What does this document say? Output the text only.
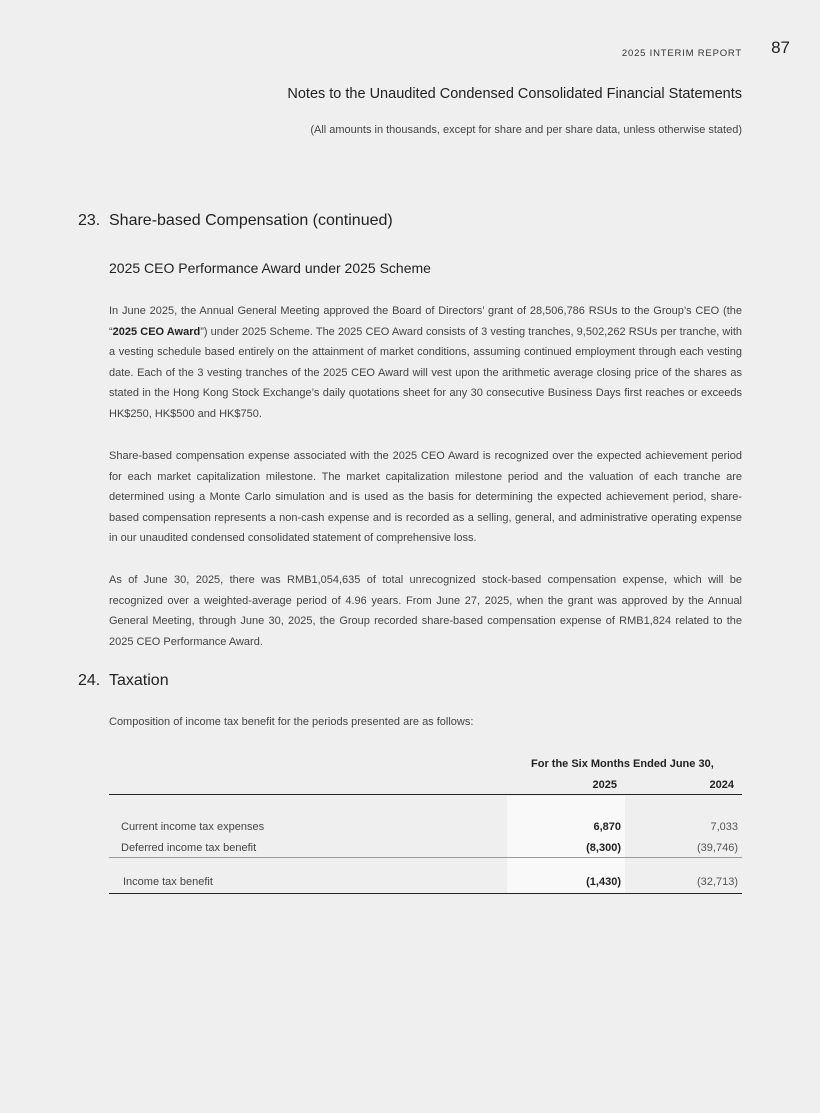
2025 INTERIM REPORT 87
Notes to the Unaudited Condensed Consolidated Financial Statements
(All amounts in thousands, except for share and per share data, unless otherwise stated)
23. Share-based Compensation (continued)
2025 CEO Performance Award under 2025 Scheme

In June 2025, the Annual General Meeting approved the Board of Directors’ grant of 28,506,786 RSUs to the Group’s CEO (the “2025 CEO Award”) under 2025 Scheme. The 2025 CEO Award consists of 3 vesting tranches, 9,502,262 RSUs per tranche, with a vesting schedule based entirely on the attainment of market conditions, assuming continued employment through each vesting date. Each of the 3 vesting tranches of the 2025 CEO Award will vest upon the arithmetic average closing price of the shares as stated in the Hong Kong Stock Exchange’s daily quotations sheet for any 30 consecutive Business Days first reaches or exceeds HK$250, HK$500 and HK$750.

Share-based compensation expense associated with the 2025 CEO Award is recognized over the expected achievement period for each market capitalization milestone. The market capitalization milestone period and the valuation of each tranche are determined using a Monte Carlo simulation and is used as the basis for determining the expected achievement period, share-based compensation represents a non-cash expense and is recorded as a selling, general, and administrative operating expense in our unaudited condensed consolidated statement of comprehensive loss.

As of June 30, 2025, there was RMB1,054,635 of total unrecognized stock-based compensation expense, which will be recognized over a weighted-average period of 4.96 years. From June 27, 2025, when the grant was approved by the Annual General Meeting, through June 30, 2025, the Group recorded share-based compensation expense of RMB1,824 related to the 2025 CEO Performance Award.

24. Taxation
Composition of income tax benefit for the periods presented are as follows:
For the Six Months Ended June 30,
2025	2024
Current income tax expenses	6,870	7,033
Deferred income tax benefit	(8,300)	(39,746)
Income tax benefit	(1,430)	(32,713)
